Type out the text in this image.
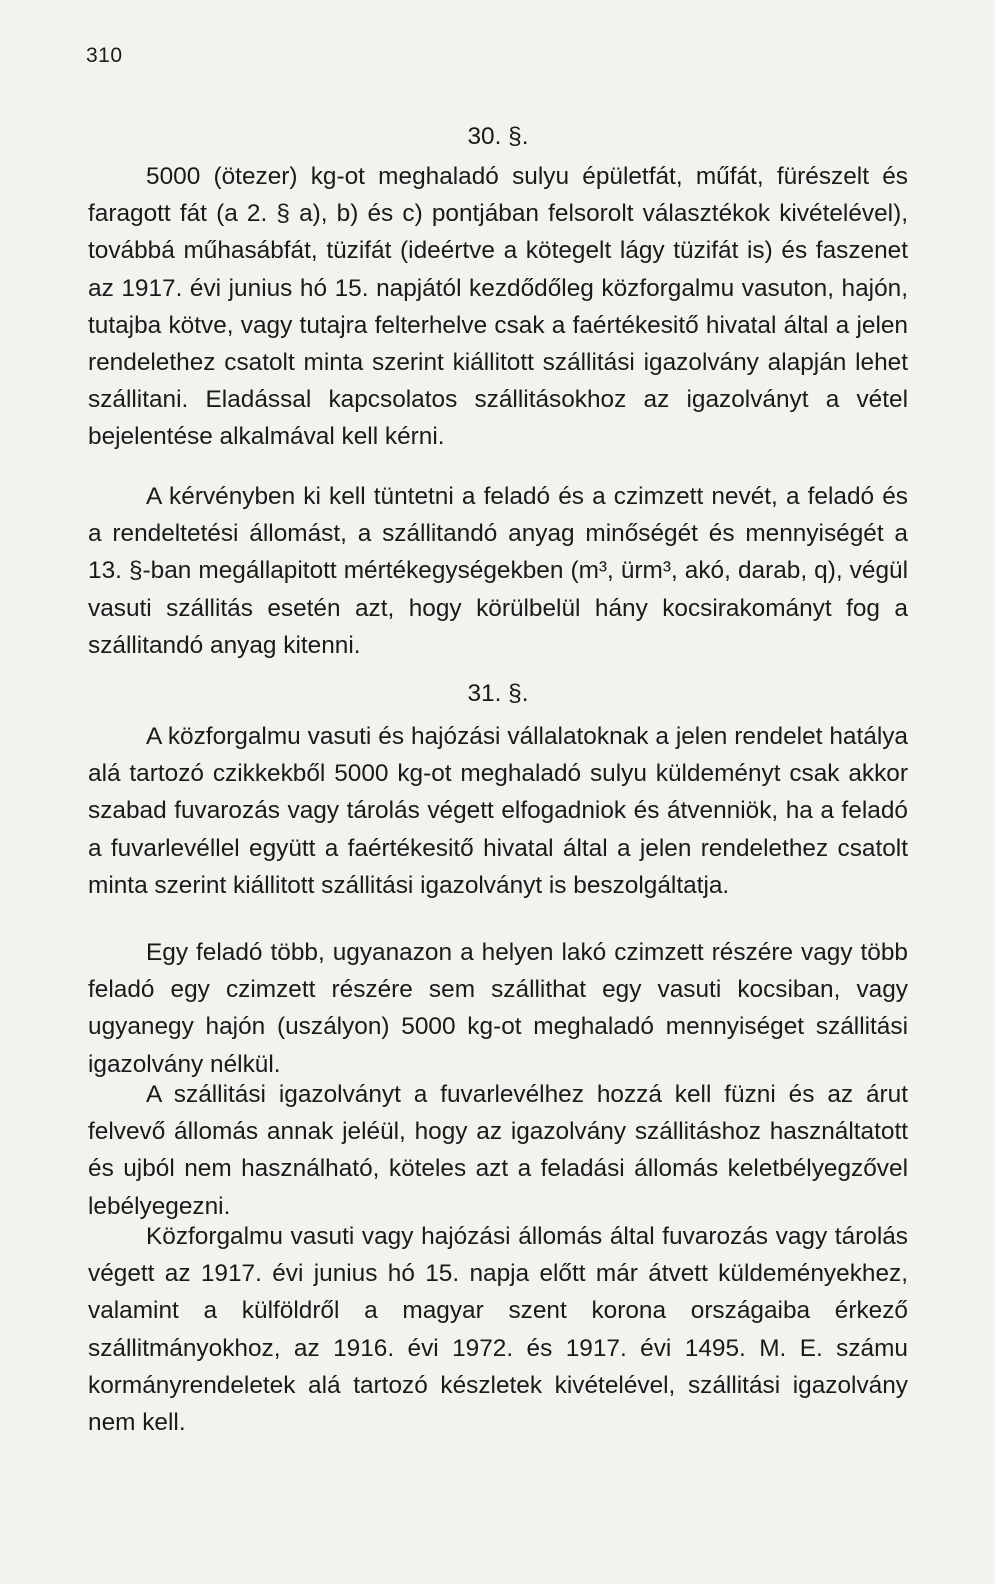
310
30. §.

5000 (ötezer) kg-ot meghaladó sulyu épületfát, műfát, fürészelt és faragott fát (a 2. § a), b) és c) pontjában felsorolt választékok kivételével), továbbá műhasábfát, tüzifát (ideértve a kötegelt lágy tüzifát is) és faszenet az 1917. évi junius hó 15. napjától kezdődőleg közforgalmu vasuton, hajón, tutajba kötve, vagy tutajra felterhelve csak a faértékesitő hivatal által a jelen rendelethez csatolt minta szerint kiállitott szállitási igazolvány alapján lehet szállitani. Eladással kapcsolatos szállitásokhoz az igazolványt a vétel bejelentése alkalmával kell kérni.

A kérvényben ki kell tüntetni a feladó és a czimzett nevét, a feladó és a rendeltetési állomást, a szállitandó anyag minőségét és mennyiségét a 13. §-ban megállapitott mértékegységekben (m³, ürm³, akó, darab, q), végül vasuti szállitás esetén azt, hogy körülbelül hány kocsirakományt fog a szállitandó anyag kitenni.

31. §.

A közforgalmu vasuti és hajózási vállalatoknak a jelen rendelet hatálya alá tartozó czikkekből 5000 kg-ot meghaladó sulyu küldeményt csak akkor szabad fuvarozás vagy tárolás végett elfogadniok és átvenniök, ha a feladó a fuvarlevéllel együtt a faértékesitő hivatal által a jelen rendelethez csatolt minta szerint kiállitott szállitási igazolványt is beszolgáltatja.

Egy feladó több, ugyanazon a helyen lakó czimzett részére vagy több feladó egy czimzett részére sem szállithat egy vasuti kocsiban, vagy ugyanegy hajón (uszályon) 5000 kg-ot meghaladó mennyiséget szállitási igazolvány nélkül.

A szállitási igazolványt a fuvarlevélhez hozzá kell füzni és az árut felvevő állomás annak jeléül, hogy az igazolvány szállitáshoz használtatott és ujból nem használható, köteles azt a feladási állomás keletbélyegzővel lebélyegezni.

Közforgalmu vasuti vagy hajózási állomás által fuvarozás vagy tárolás végett az 1917. évi junius hó 15. napja előtt már átvett küldeményekhez, valamint a külföldről a magyar szent korona országaiba érkező szállitmányokhoz, az 1916. évi 1972. és 1917. évi 1495. M. E. számu kormányrendeletek alá tartozó készletek kivételével, szállitási igazolvány nem kell.
